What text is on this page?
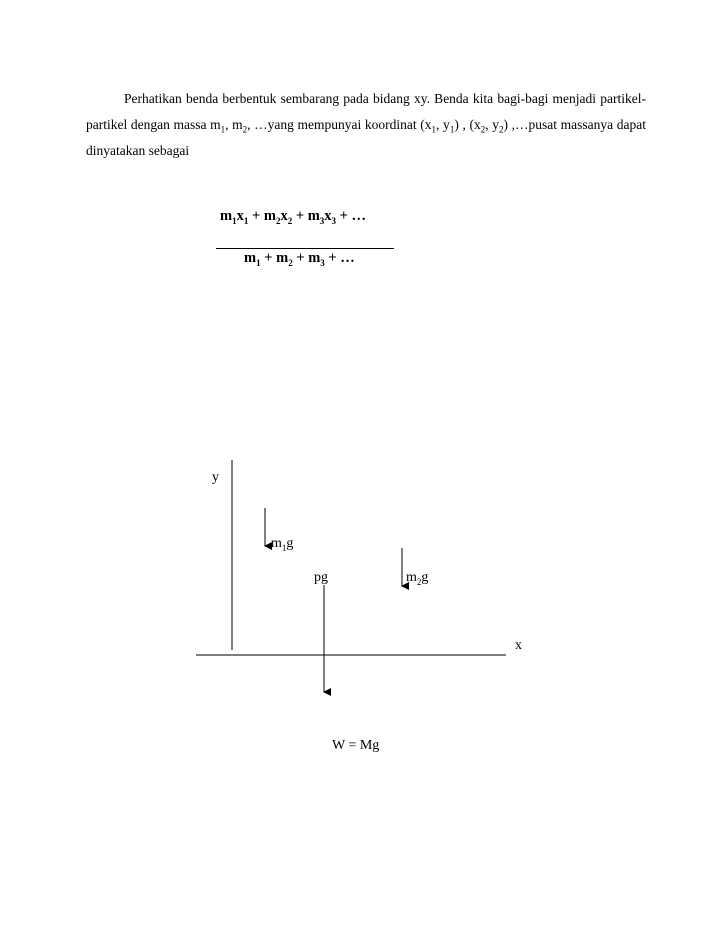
Perhatikan benda berbentuk sembarang pada bidang xy. Benda kita bagi-bagi menjadi partikel-partikel dengan massa $m_1$, $m_2$, …yang mempunyai koordinat ($x_1$, $y_1$) , ($x_2$, $y_2$) ,…pusat massanya dapat dinyatakan sebagai
$m_1x_1 + m_2x_2 + m_3x_3$ + …
$m_1 + m_2 + m_3$ + …
y
x
$m_1g$
pg	$m_2g$
W = Mg
